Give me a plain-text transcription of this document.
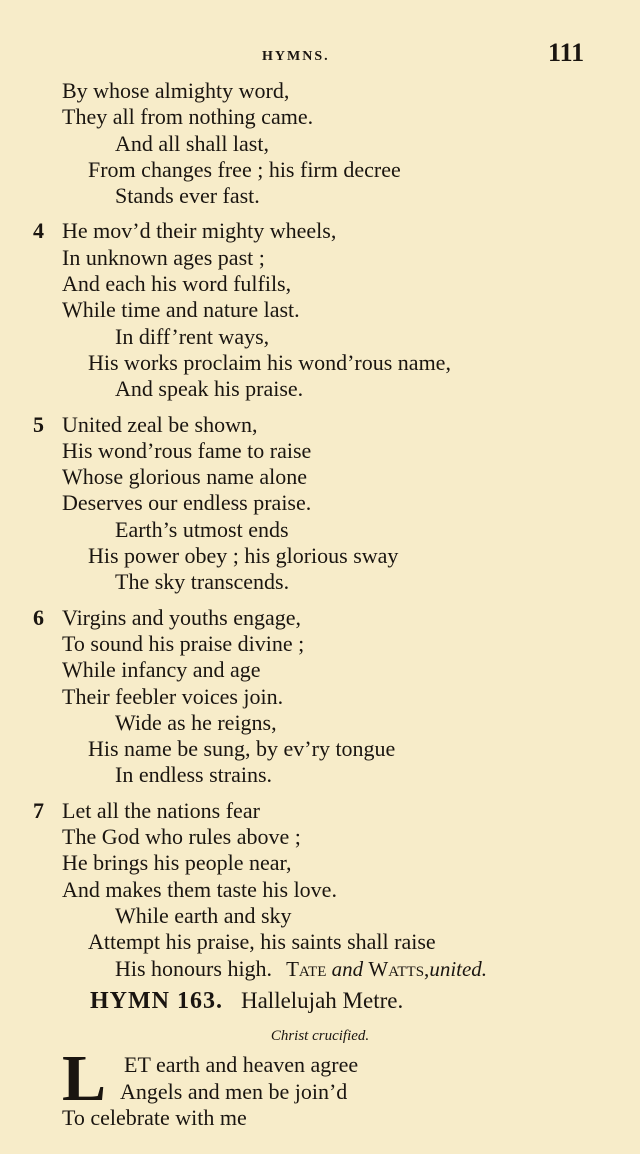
HYMNS.	111
By whose almighty word,
They all from nothing came.
And all shall last,
From changes free ; his firm decree
Stands ever fast.
4 He mov’d their mighty wheels,
In unknown ages past ;
And each his word fulfils,
While time and nature last.
In diff’rent ways,
His works proclaim his wond’rous name,
And speak his praise.
5 United zeal be shown,
His wond’rous fame to raise
Whose glorious name alone
Deserves our endless praise.
Earth’s utmost ends
His power obey ; his glorious sway
The sky transcends.
6 Virgins and youths engage,
To sound his praise divine ;
While infancy and age
Their feebler voices join.
Wide as he reigns,
His name be sung, by ev’ry tongue
In endless strains.
7 Let all the nations fear
The God who rules above ;
He brings his people near,
And makes them taste his love.
While earth and sky
Attempt his praise, his saints shall raise
His honours high. Tate and Watts,united.
HYMN 163. Hallelujah Metre.
Christ crucified.
L ET earth and heaven agree
Angels and men be join’d
To celebrate with me
